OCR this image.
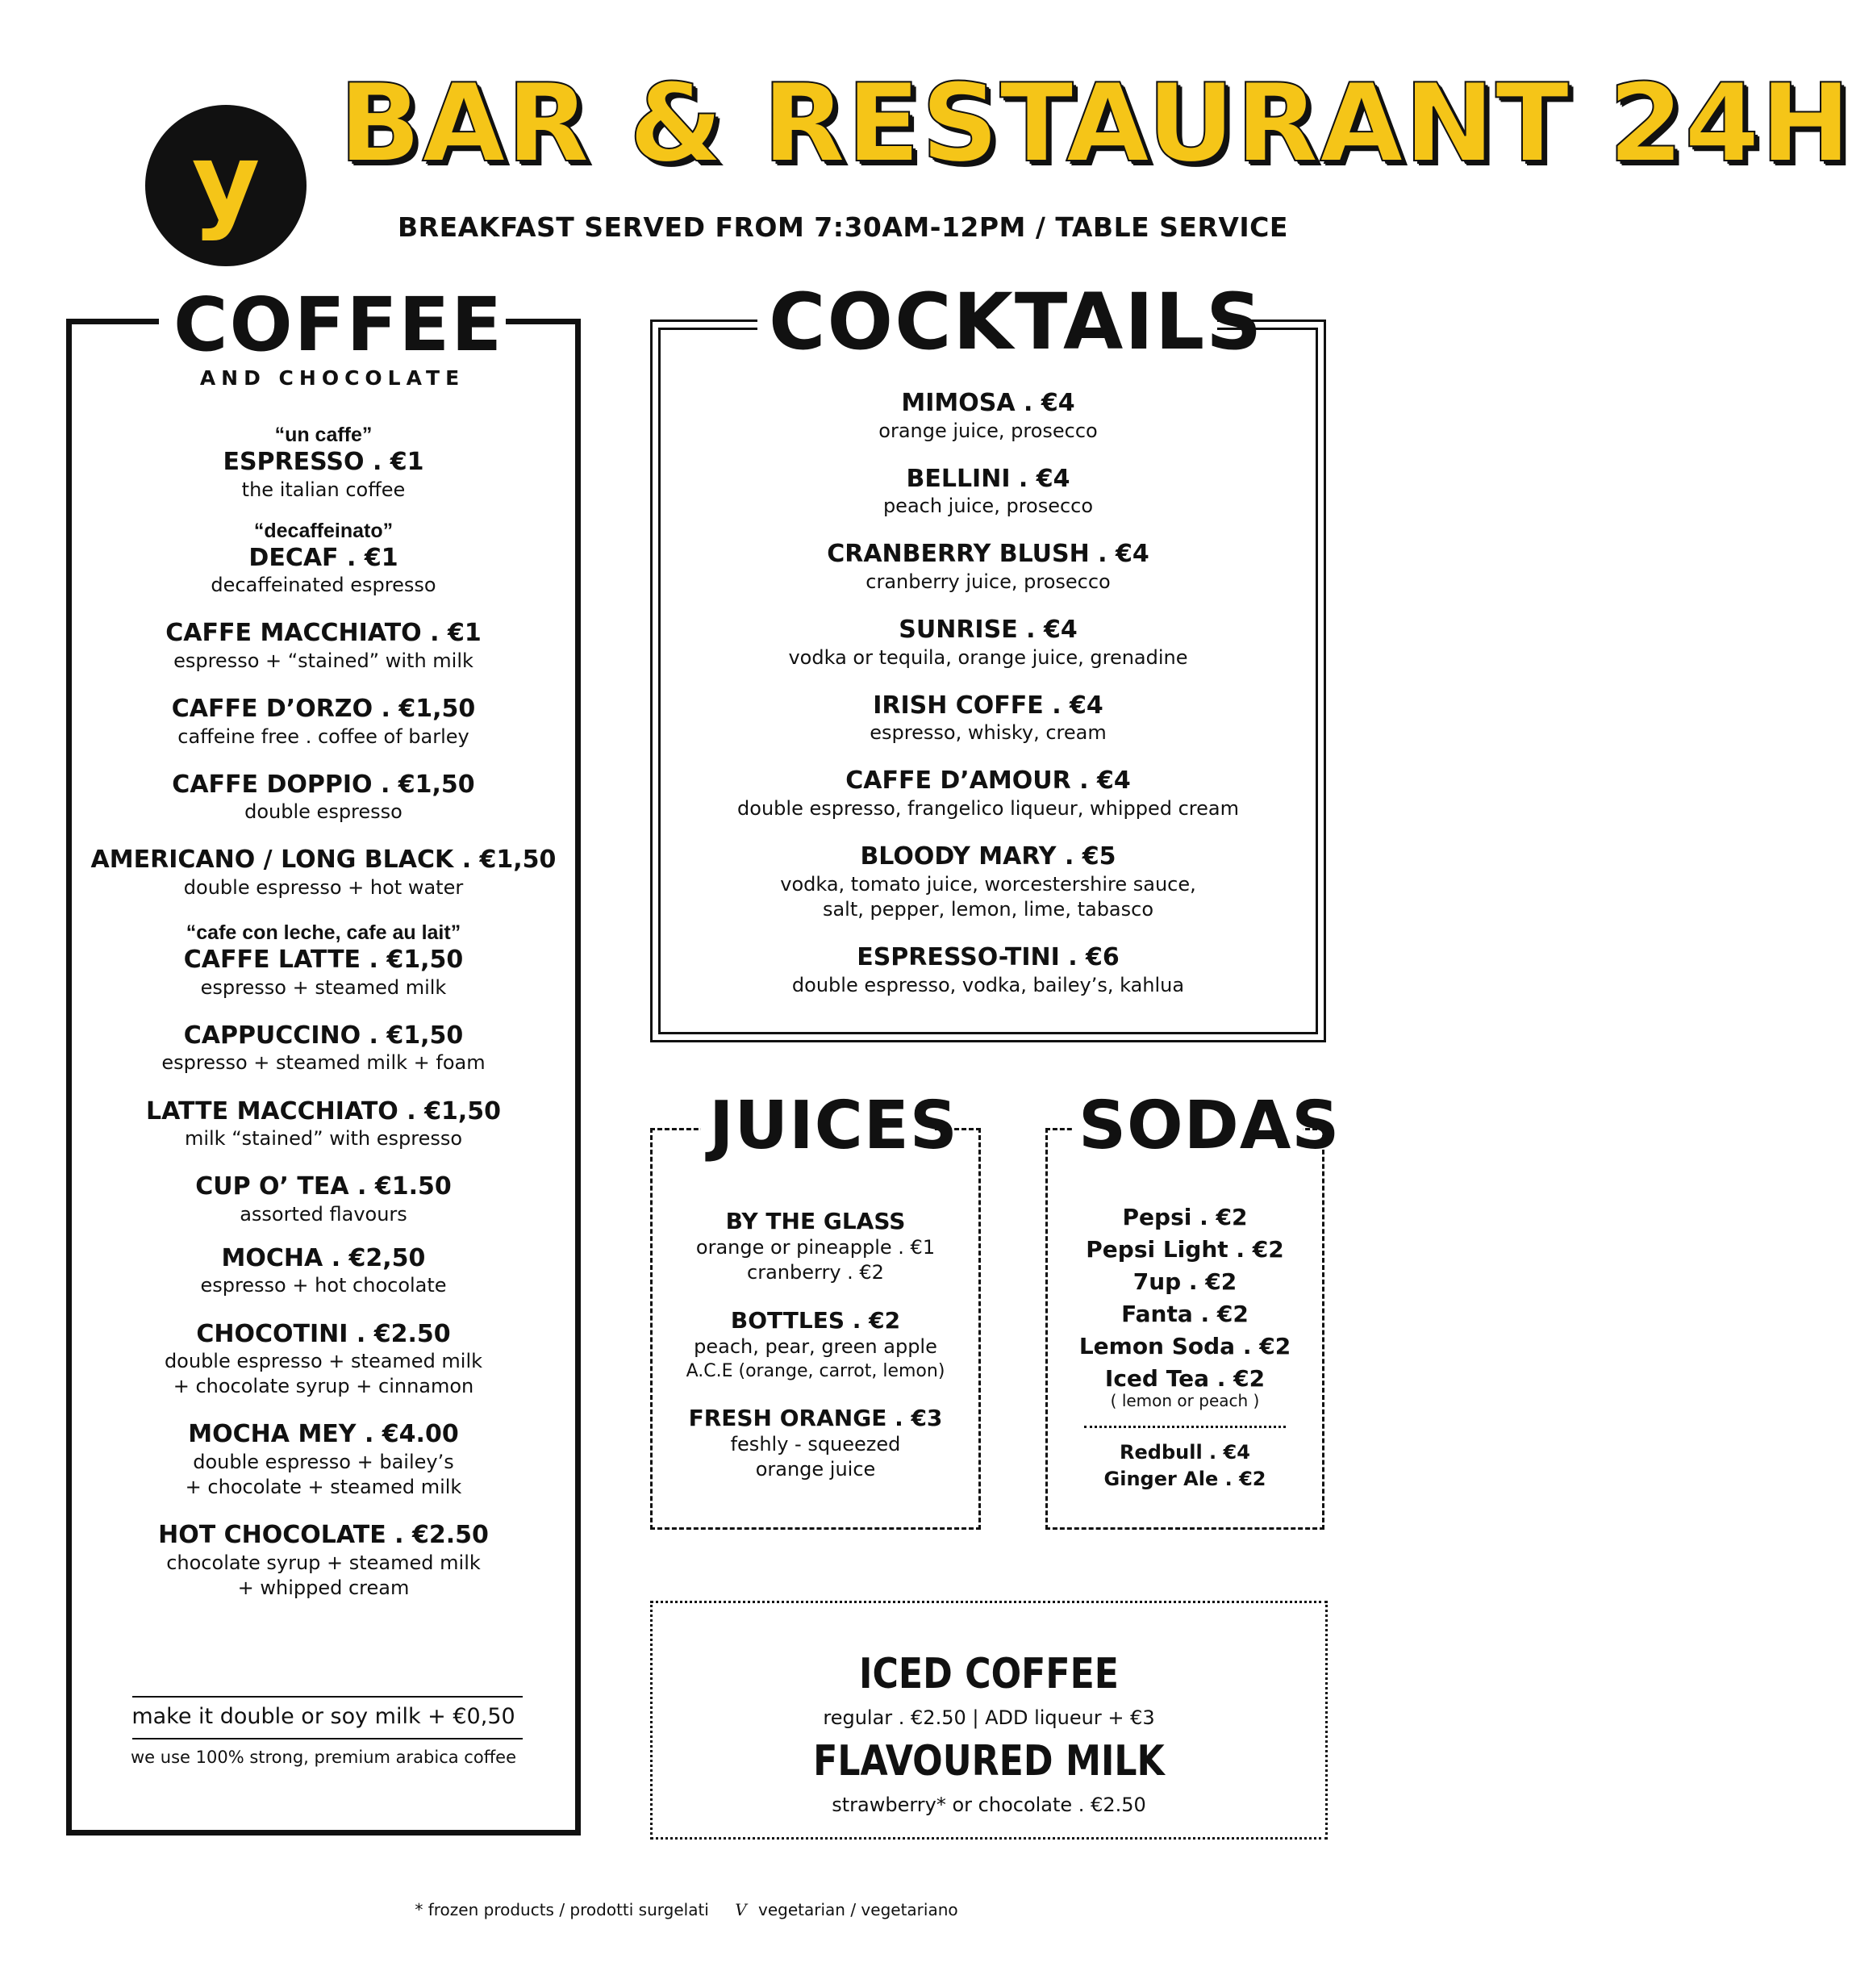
y BAR & RESTAURANT 24H
BREAKFAST SERVED FROM 7:30AM-12PM / TABLE SERVICE
COFFEE
AND CHOCOLATE
“un caffe”
ESPRESSO . €1
the italian coffee
“decaffeinato”
DECAF . €1
decaffeinated espresso
CAFFE MACCHIATO . €1
espresso + “stained” with milk
CAFFE D’ORZO . €1,50
caffeine free . coffee of barley
CAFFE DOPPIO . €1,50
double espresso
AMERICANO / LONG BLACK . €1,50
double espresso + hot water
“cafe con leche, cafe au lait”
CAFFE LATTE . €1,50
espresso + steamed milk
CAPPUCCINO . €1,50
espresso + steamed milk + foam
LATTE MACCHIATO . €1,50
milk “stained” with espresso
CUP O’ TEA . €1.50
assorted flavours
MOCHA . €2,50
espresso + hot chocolate
CHOCOTINI . €2.50
double espresso + steamed milk
+ chocolate syrup + cinnamon
MOCHA MEY . €4.00
double espresso + bailey’s
+ chocolate + steamed milk
HOT CHOCOLATE . €2.50
chocolate syrup + steamed milk
+ whipped cream
make it double or soy milk + €0,50
we use 100% strong, premium arabica coffee
COCKTAILS
MIMOSA . €4
orange juice, prosecco
BELLINI . €4
peach juice, prosecco
CRANBERRY BLUSH . €4
cranberry juice, prosecco
SUNRISE . €4
vodka or tequila, orange juice, grenadine
IRISH COFFE . €4
espresso, whisky, cream
CAFFE D’AMOUR . €4
double espresso, frangelico liqueur, whipped cream
BLOODY MARY . €5
vodka, tomato juice, worcestershire sauce,
salt, pepper, lemon, lime, tabasco
ESPRESSO-TINI . €6
double espresso, vodka, bailey’s, kahlua
JUICES
BY THE GLASS
orange or pineapple . €1
cranberry . €2
BOTTLES . €2
peach, pear, green apple
A.C.E (orange, carrot, lemon)
FRESH ORANGE . €3
feshly - squeezed
orange juice
SODAS
Pepsi . €2
Pepsi Light . €2
7up . €2
Fanta . €2
Lemon Soda . €2
Iced Tea . €2
( lemon or peach )
Redbull . €4
Ginger Ale . €2
ICED COFFEE
regular . €2.50 | ADD liqueur + €3
FLAVOURED MILK
strawberry* or chocolate . €2.50
* frozen products / prodotti surgelati V vegetarian / vegetariano
